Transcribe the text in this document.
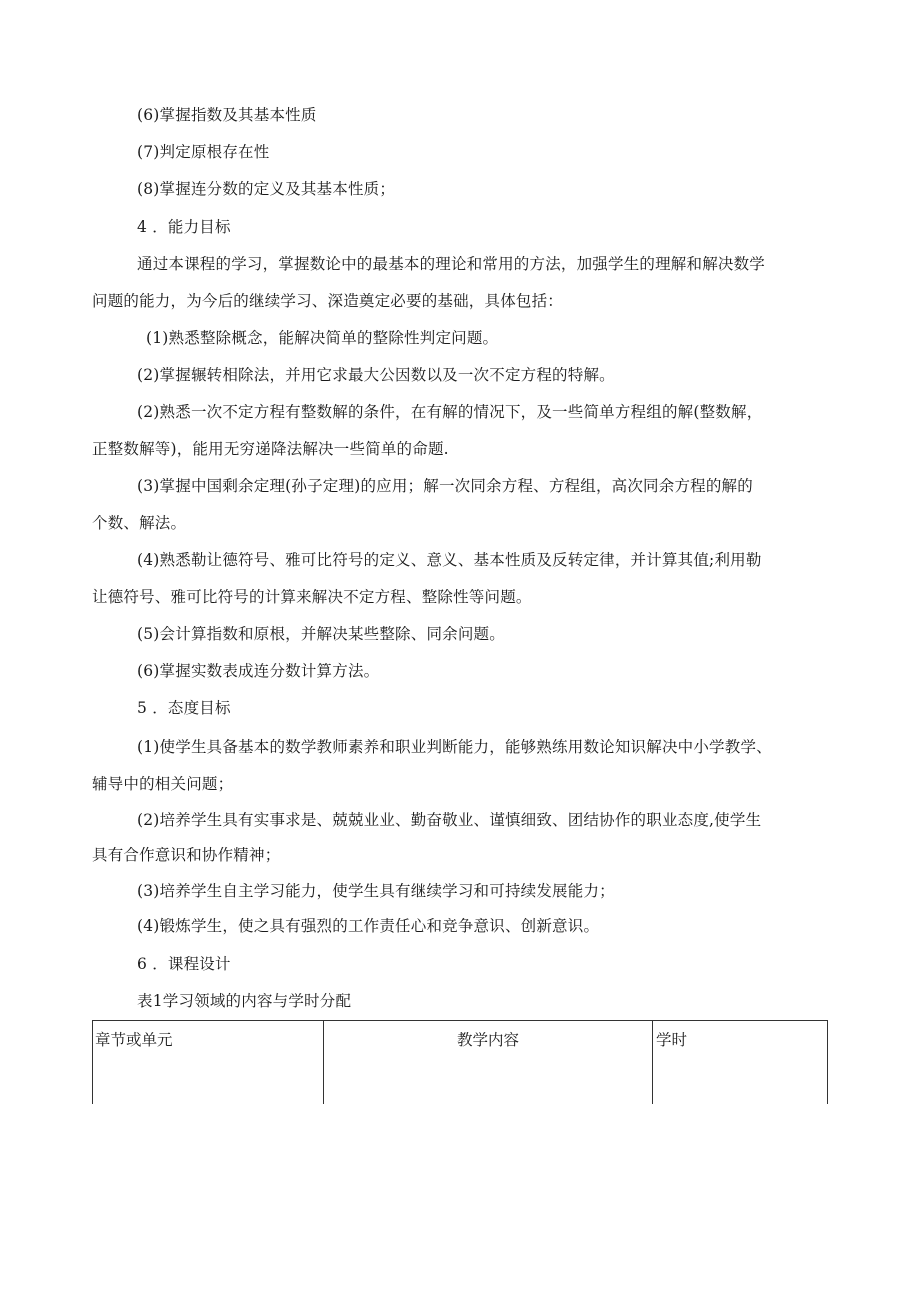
(6)掌握指数及其基本性质
(7)判定原根存在性
(8)掌握连分数的定义及其基本性质；
4 ．能力目标
通过本课程的学习，掌握数论中的最基本的理论和常用的方法，加强学生的理解和解决数学
问题的能力，为今后的继续学习、深造奠定必要的基础，具体包括：
(1)熟悉整除概念，能解决简单的整除性判定问题。
(2)掌握辗转相除法，并用它求最大公因数以及一次不定方程的特解。
(2)熟悉一次不定方程有整数解的条件，在有解的情况下，及一些简单方程组的解(整数解，
正整数解等)，能用无穷递降法解决一些简单的命题.
(3)掌握中国剩余定理(孙子定理)的应用；解一次同余方程、方程组，高次同余方程的解的
个数、解法。
(4)熟悉勒让德符号、雅可比符号的定义、意义、基本性质及反转定律，并计算其值;利用勒
让德符号、雅可比符号的计算来解决不定方程、整除性等问题。
(5)会计算指数和原根，并解决某些整除、同余问题。
(6)掌握实数表成连分数计算方法。
5 ．态度目标
(1)使学生具备基本的数学教师素养和职业判断能力，能够熟练用数论知识解决中小学教学、
辅导中的相关问题；
(2)培养学生具有实事求是、兢兢业业、勤奋敬业、谨慎细致、团结协作的职业态度,使学生
具有合作意识和协作精神；
(3)培养学生自主学习能力，使学生具有继续学习和可持续发展能力；
(4)锻炼学生，使之具有强烈的工作责任心和竞争意识、创新意识。
6 ．课程设计
表1学习领域的内容与学时分配
章节或单元	教学内容	学时
